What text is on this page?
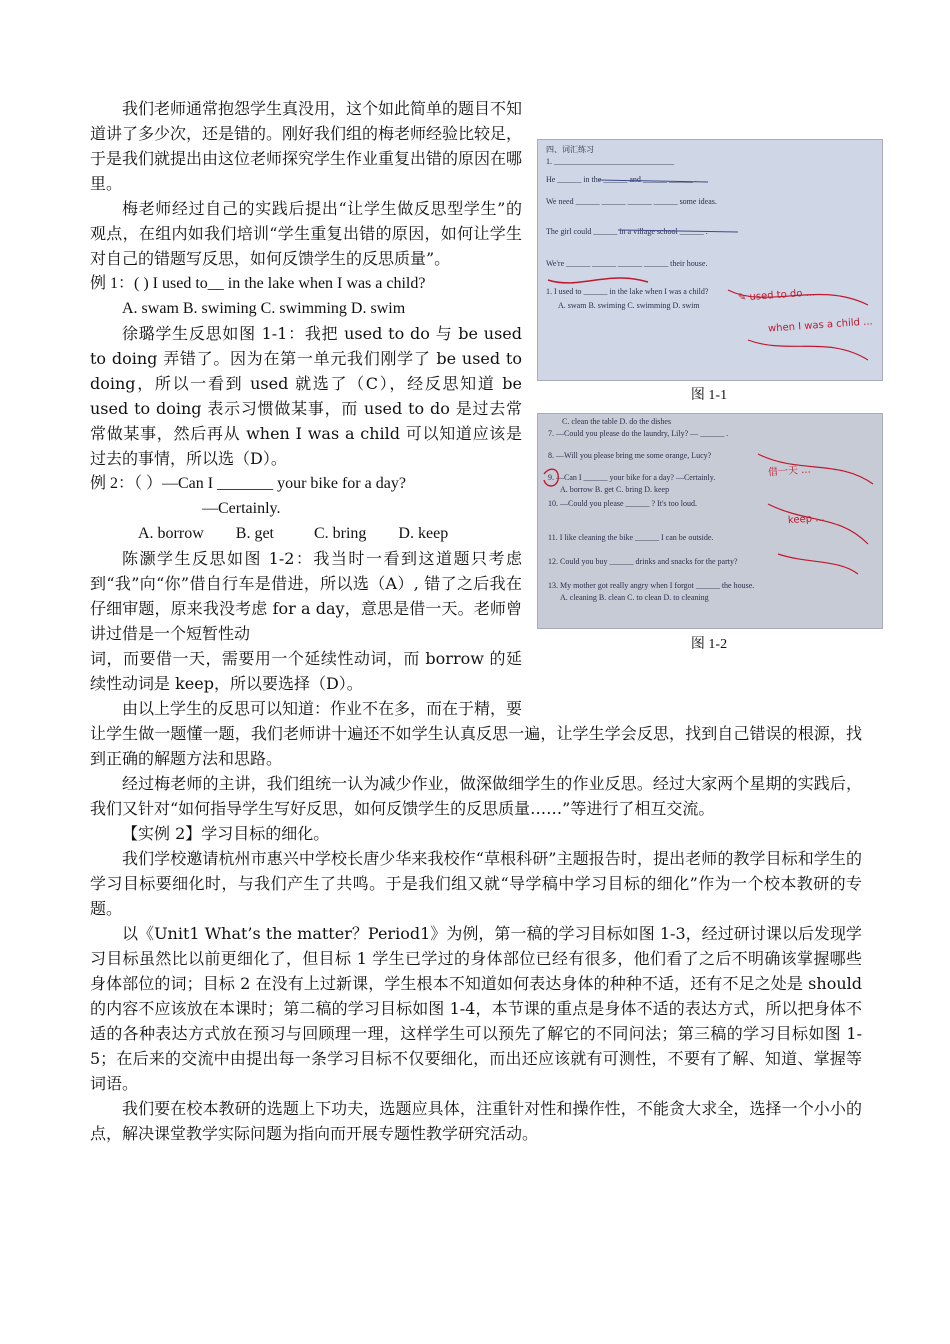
我们老师通常抱怨学生真没用，这个如此简单的题目不知道讲了多少次，还是错的。刚好我们组的梅老师经验比较足，于是我们就提出由这位老师探究学生作业重复出错的原因在哪里。

梅老师经过自己的实践后提出“让学生做反思型学生”的观点，在组内如我们培训“学生重复出错的原因，如何让学生对自己的错题写反思，如何反馈学生的反思质量”。

例 1：( ) I used to__ in the lake when I was a child?

A. swam B. swiming C. swimming D. swim

徐璐学生反思如图 1-1：我把 used to do 与 be used to doing 弄错了。因为在第一单元我们刚学了 be used to doing，所以一看到 used 就选了（C），经反思知道 be used to doing 表示习惯做某事，而 used to do 是过去常常做某事，然后再从 when I was a child 可以知道应该是过去的事情，所以选（D）。

例 2：（ ）—Can I _______ your bike for a day?

—Certainly.

A. borrow        B. get          C. bring        D. keep

陈灏学生反思如图 1-2：我当时一看到这道题只考虑到“我”向“你”借自行车是借进，所以选（A）, 错了之后我在仔细审题，原来我没考虑 for a day，意思是借一天。老师曾讲过借是一个短暂性动

词，而要借一天，需要用一个延续性动词，而 borrow 的延续性动词是 keep，所以要选择（D）。

由以上学生的反思可以知道：作业不在多，而在于精，要让学生做一题懂一题，我们老师讲十遍还不如学生认真反思一遍，让学生学会反思，找到自己错误的根源，找到正确的解题方法和思路。

经过梅老师的主讲，我们组统一认为减少作业，做深做细学生的作业反思。经过大家两个星期的实践后，我们又针对“如何指导学生写好反思，如何反馈学生的反思质量……”等进行了相互交流。

【实例 2】学习目标的细化。

我们学校邀请杭州市惠兴中学校长唐少华来我校作“草根科研”主题报告时，提出老师的教学目标和学生的学习目标要细化时，与我们产生了共鸣。于是我们组又就“导学稿中学习目标的细化”作为一个校本教研的专题。

以《Unit1 What’s the matter？Period1》为例，第一稿的学习目标如图 1-3，经过研讨课以后发现学习目标虽然比以前更细化了，但目标 1 学生已学过的身体部位已经有很多，他们看了之后不明确该掌握哪些身体部位的词；目标 2 在没有上过新课，学生根本不知道如何表达身体的种种不适，还有不足之处是 should 的内容不应该放在本课时；第二稿的学习目标如图 1-4，本节课的重点是身体不适的表达方式，所以把身体不适的各种表达方式放在预习与回顾理一理，这样学生可以预先了解它的不同问法；第三稿的学习目标如图 1-5；在后来的交流中由提出每一条学习目标不仅要细化，而出还应该就有可测性，不要有了解、知道、掌握等词语。

我们要在校本教研的选题上下功夫，选题应具体，注重针对性和操作性，不能贪大求全，选择一个小小的点，解决课堂教学实际问题为指向而开展专题性教学研究活动。

四、词汇练习
1. ______________________________
He ______ in the ______ and ______ ______ .
We need ______ ______ ______ ______ some ideas.
The girl could ______ in a village school ______ .
We're ______ ______ ______ ______ their house.
1. I used to ______ in the lake when I was a child?
A. swam B. swiming C. swimming D. swim
✎ used to do ...
when I was a child ...
图 1-1
C. clean the table D. do the dishes
7. —Could you please do the laundry, Lily? — ______ .
8. —Will you please bring me some orange, Lucy?
9. —Can I ______ your bike for a day? —Certainly.
A. borrow B. get C. bring D. keep
10. —Could you please ______ ? It's too loud.
11. I like cleaning the bike ______ I can be outside.
12. Could you buy ______ drinks and snacks for the party?
13. My mother got really angry when I forgot ______ the house.
A. cleaning B. clean C. to clean D. to cleaning
借一天 ...
keep ...
图 1-2
